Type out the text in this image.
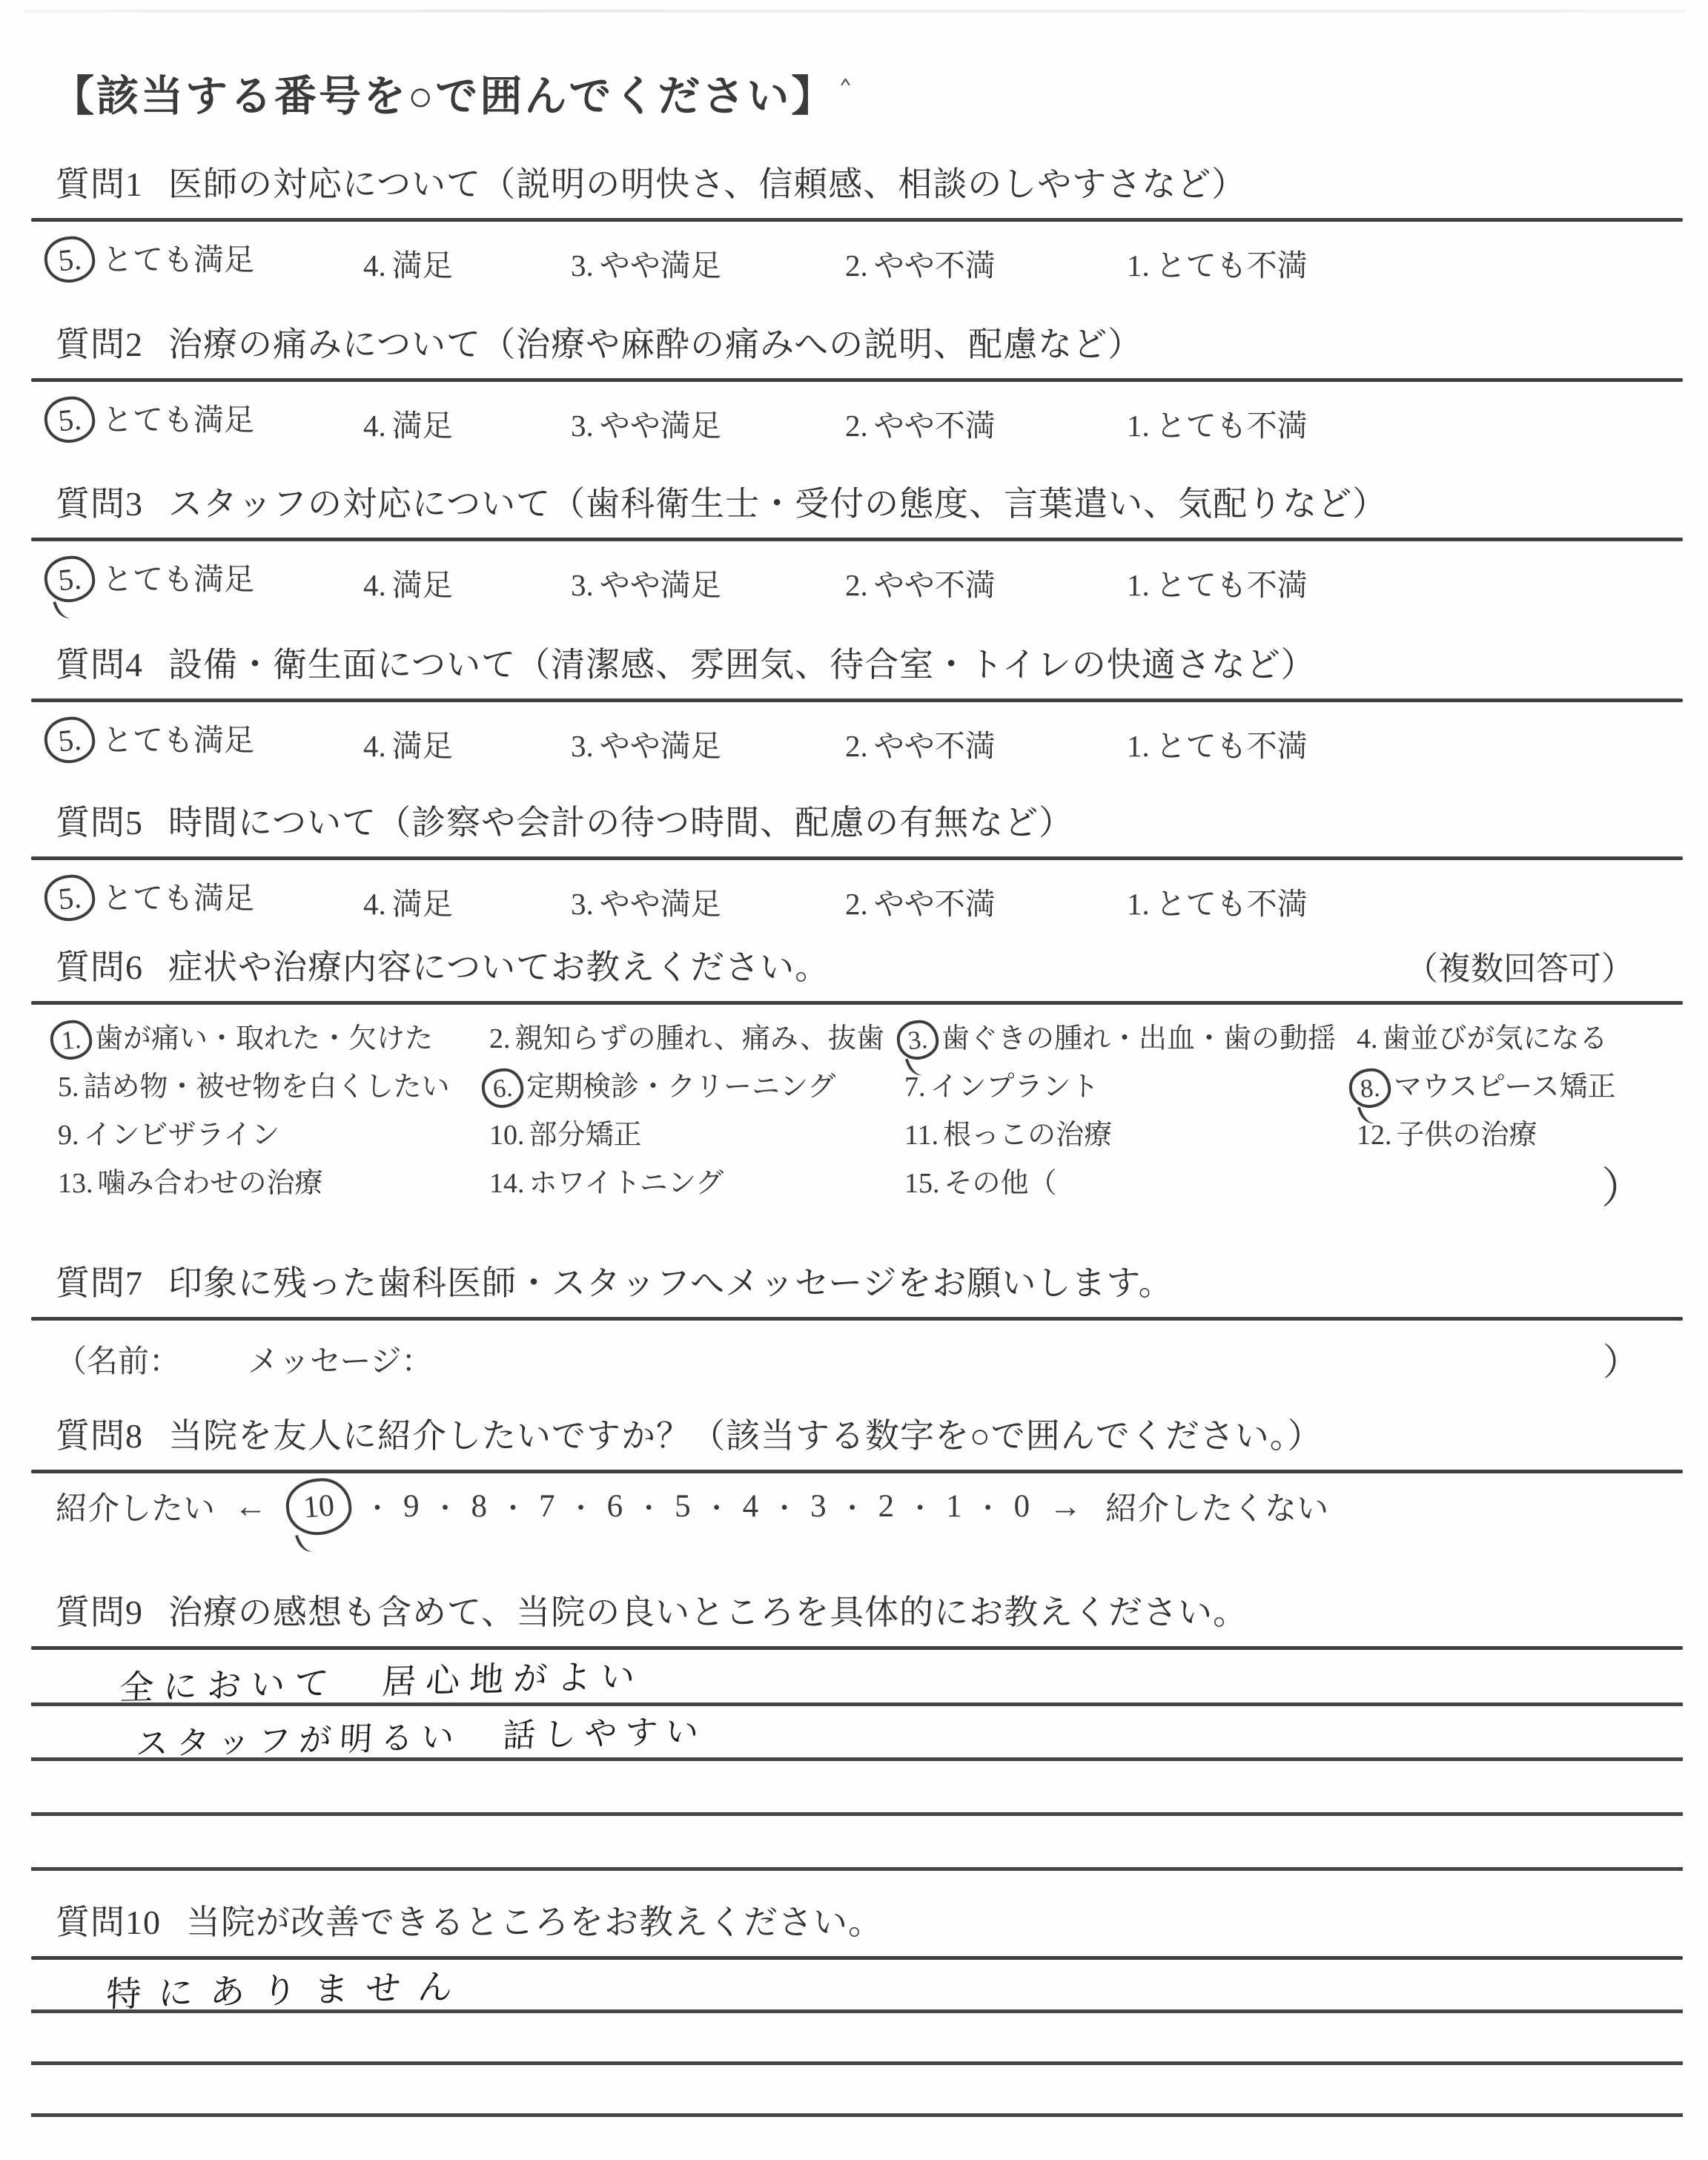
【該当する番号を○で囲んでください】＾
質問1 医師の対応について（説明の明快さ、信頼感、相談のしやすさなど）
5. とても満足	4. 満足	3. やや満足	2. やや不満	1. とても不満
質問2 治療の痛みについて（治療や麻酔の痛みへの説明、配慮など）
5. とても満足	4. 満足	3. やや満足	2. やや不満	1. とても不満
質問3 スタッフの対応について（歯科衛生士・受付の態度、言葉遣い、気配りなど）
5. とても満足	4. 満足	3. やや満足	2. やや不満	1. とても不満
質問4 設備・衛生面について（清潔感、雰囲気、待合室・トイレの快適さなど）
5. とても満足	4. 満足	3. やや満足	2. やや不満	1. とても不満
質問5 時間について（診察や会計の待つ時間、配慮の有無など）
5. とても満足	4. 満足	3. やや満足	2. やや不満	1. とても不満
質問6 症状や治療内容についてお教えください。	（複数回答可）
1. 歯が痛い・取れた・欠けた 2. 親知らずの腫れ、痛み、抜歯 3. 歯ぐきの腫れ・出血・歯の動揺 4. 歯並びが気になる
5. 詰め物・被せ物を白くしたい 6. 定期検診・クリーニング 7. インプラント	8. マウスピース矯正
9. インビザライン	10. 部分矯正	11. 根っこの治療	12. 子供の治療
13. 噛み合わせの治療	14. ホワイトニング	15. その他（	）
質問7 印象に残った歯科医師・スタッフへメッセージをお願いします。
（名前： メッセージ：	）
質問8 当院を友人に紹介したいですか？（該当する数字を○で囲んでください。）
紹介したい ← 10 ・ 9 ・ 8 ・ 7 ・ 6 ・ 5 ・ 4 ・ 3 ・ 2 ・ 1 ・ 0 → 紹介したくない
質問9 治療の感想も含めて、当院の良いところを具体的にお教えください。
全において　居心地がよい
スタッフが明るい　話しやすい
質問10 当院が改善できるところをお教えください。
特にありません
